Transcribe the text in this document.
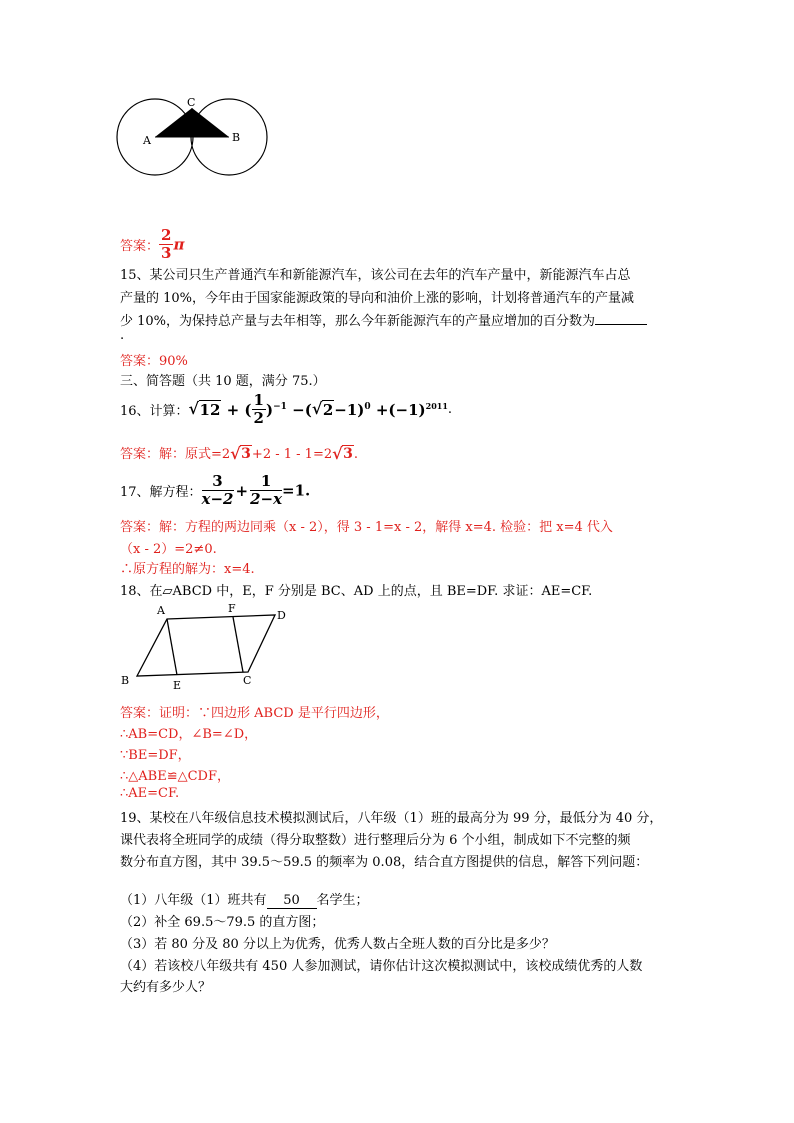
A	B
C
答案： $\frac{2}{3}$ π
15、某公司只生产普通汽车和新能源汽车，该公司在去年的汽车产量中，新能源汽车占总
产量的 10%，今年由于国家能源政策的导向和油价上涨的影响，计划将普通汽车的产量减
少 10%，为保持总产量与去年相等，那么今年新能源汽车的产量应增加的百分数为
.
答案：90%
三、简答题（共 10 题，满分 75.）
16、计算： √ 12 + ( $\frac{1}{2} )^{-1}$ −( √ $2-1)^0 +(-1)^{2011}$.
答案：解：原式=2 √ 3+2 - 1 - 1=2 √ 3.
17、解方程： $\frac{3}{x-2} + \frac{1}{2-x} =1$.
答案：解：方程的两边同乘（x - 2），得 3 - 1=x - 2，解得 x=4. 检验：把 x=4 代入
（x - 2）=2≠0.
∴原方程的解为：x=4.
18、在▱ABCD 中，E，F 分别是 BC、AD 上的点，且 BE=DF. 求证：AE=CF.
A	F
D
B	E	C
答案：证明：∵四边形 ABCD 是平行四边形，
∴AB=CD，∠B=∠D，
∵BE=DF，
∴△ABE≌△CDF，
∴AE=CF.
19、某校在八年级信息技术模拟测试后，八年级（1）班的最高分为 99 分，最低分为 40 分，
课代表将全班同学的成绩（得分取整数）进行整理后分为 6 个小组，制成如下不完整的频
数分布直方图，其中 39.5～59.5 的频率为 0.08，结合直方图提供的信息，解答下列问题：
（1）八年级（1）班共有 50 名学生；
（2）补全 69.5～79.5 的直方图；
（3）若 80 分及 80 分以上为优秀，优秀人数占全班人数的百分比是多少？
（4）若该校八年级共有 450 人参加测试，请你估计这次模拟测试中，该校成绩优秀的人数
大约有多少人？
